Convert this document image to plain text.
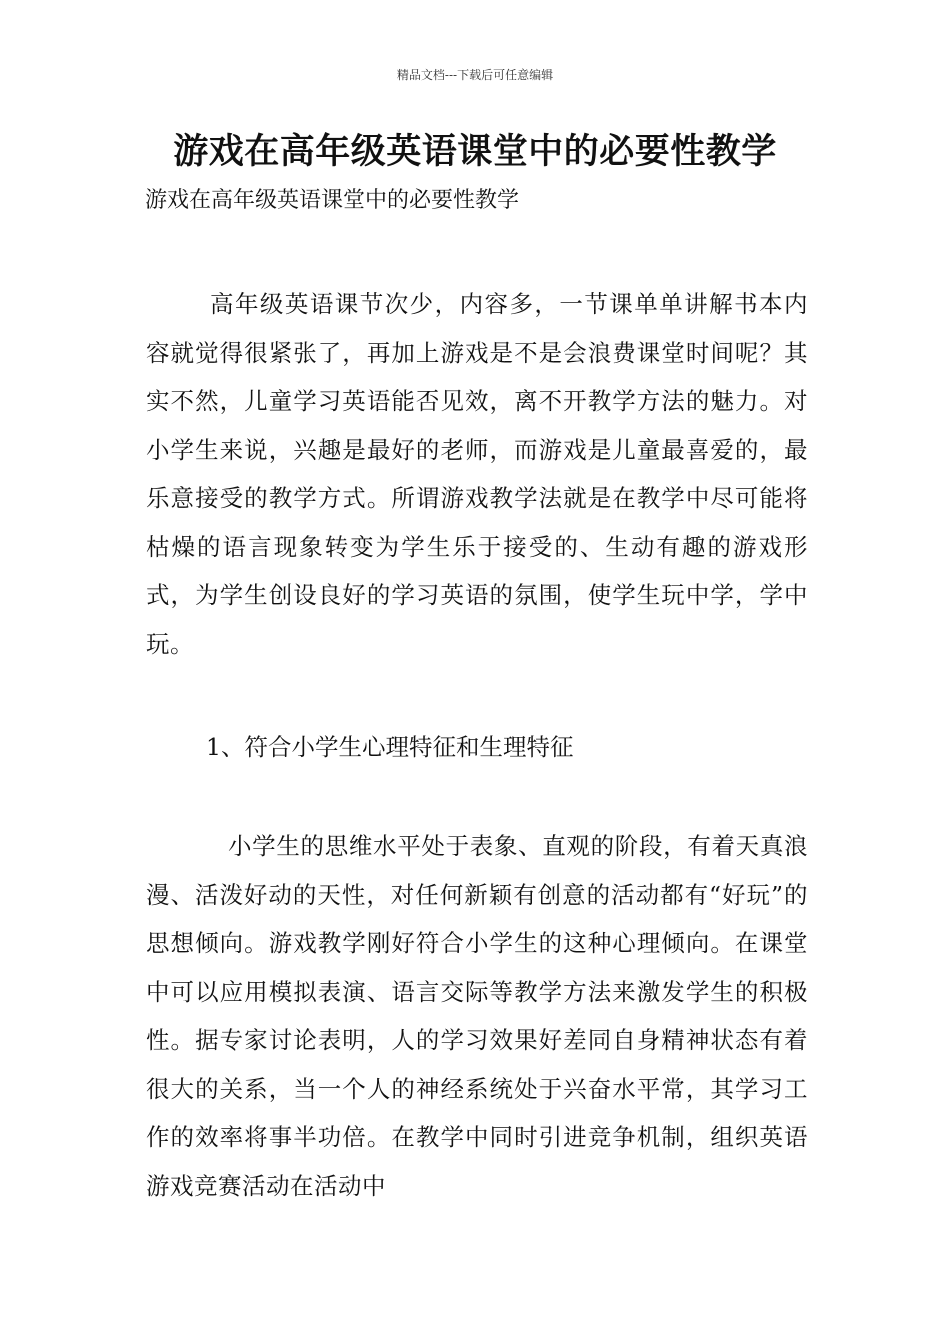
精品文档---下载后可任意编辑
游戏在高年级英语课堂中的必要性教学
游戏在高年级英语课堂中的必要性教学

高年级英语课节次少，内容多，一节课单单讲解书本内容就觉得很紧张了，再加上游戏是不是会浪费课堂时间呢？其实不然，儿童学习英语能否见效，离不开教学方法的魅力。对小学生来说，兴趣是最好的老师，而游戏是儿童最喜爱的，最乐意接受的教学方式。所谓游戏教学法就是在教学中尽可能将枯燥的语言现象转变为学生乐于接受的、生动有趣的游戏形式，为学生创设良好的学习英语的氛围，使学生玩中学，学中玩。

1、符合小学生心理特征和生理特征

小学生的思维水平处于表象、直观的阶段，有着天真浪漫、活泼好动的天性，对任何新颖有创意的活动都有“好玩”的思想倾向。游戏教学刚好符合小学生的这种心理倾向。在课堂中可以应用模拟表演、语言交际等教学方法来激发学生的积极性。据专家讨论表明，人的学习效果好差同自身精神状态有着很大的关系，当一个人的神经系统处于兴奋水平常，其学习工作的效率将事半功倍。在教学中同时引进竞争机制，组织英语游戏竞赛活动在活动中
